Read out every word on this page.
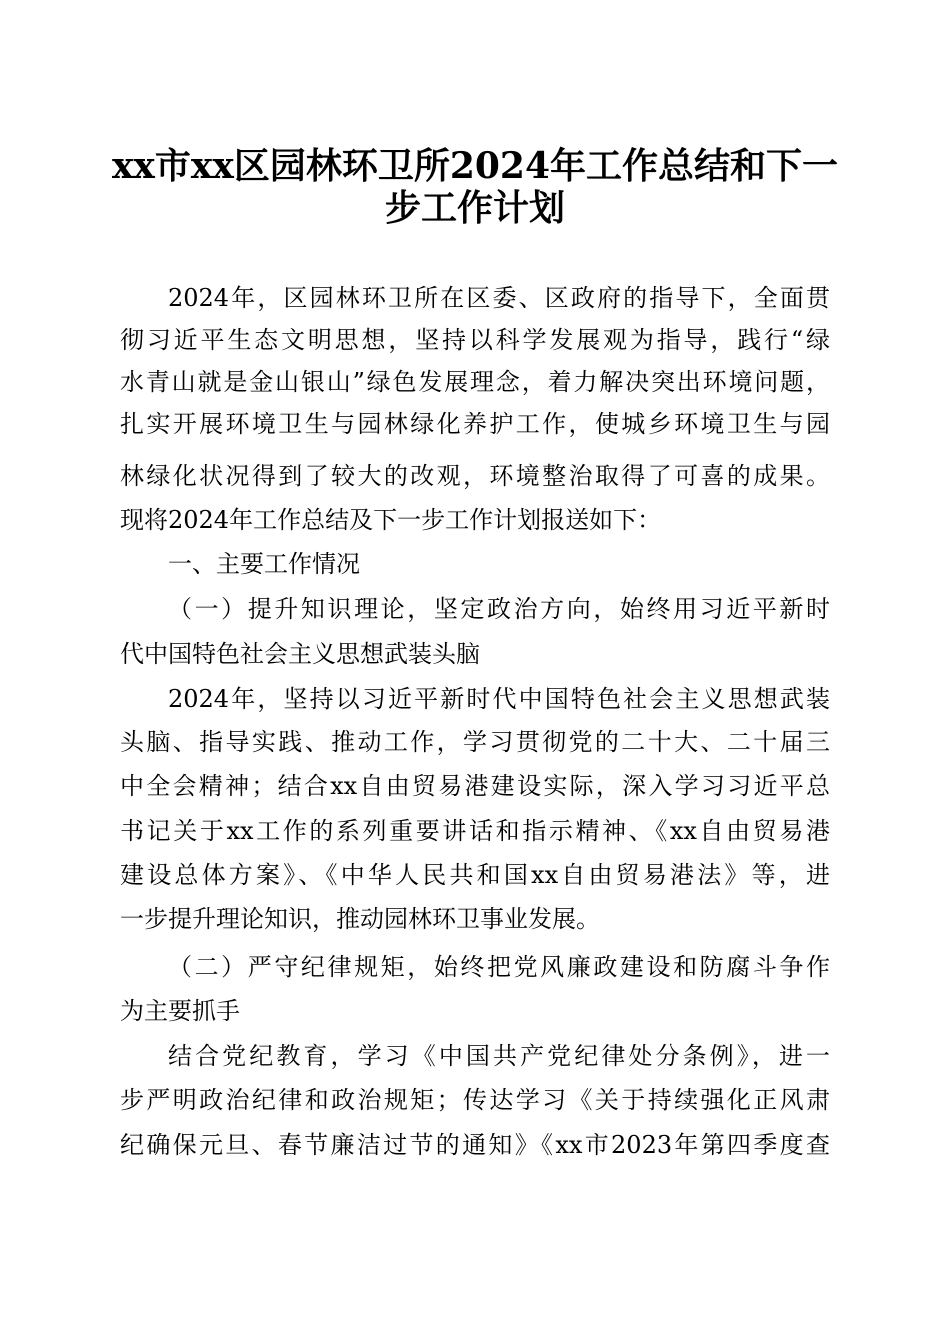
xx市xx区园林环卫所2024年工作总结和下一
步工作计划

2024年，区园林环卫所在区委、区政府的指导下，全面贯

彻习近平生态文明思想，坚持以科学发展观为指导，践行“绿

水青山就是金山银山”绿色发展理念，着力解决突出环境问题，

扎实开展环境卫生与园林绿化养护工作，使城乡环境卫生与园

林绿化状况得到了较大的改观，环境整治取得了可喜的成果。

现将2024年工作总结及下一步工作计划报送如下：

一、主要工作情况

（一）提升知识理论，坚定政治方向，始终用习近平新时

代中国特色社会主义思想武装头脑

2024年，坚持以习近平新时代中国特色社会主义思想武装

头脑、指导实践、推动工作，学习贯彻党的二十大、二十届三

中全会精神；结合xx自由贸易港建设实际，深入学习习近平总

书记关于xx工作的系列重要讲话和指示精神、《xx自由贸易港

建设总体方案》、《中华人民共和国xx自由贸易港法》等，进

一步提升理论知识，推动园林环卫事业发展。

（二）严守纪律规矩，始终把党风廉政建设和防腐斗争作

为主要抓手

结合党纪教育，学习《中国共产党纪律处分条例》，进一

步严明政治纪律和政治规矩；传达学习《关于持续强化正风肃

纪确保元旦、春节廉洁过节的通知》《xx市2023年第四季度查
